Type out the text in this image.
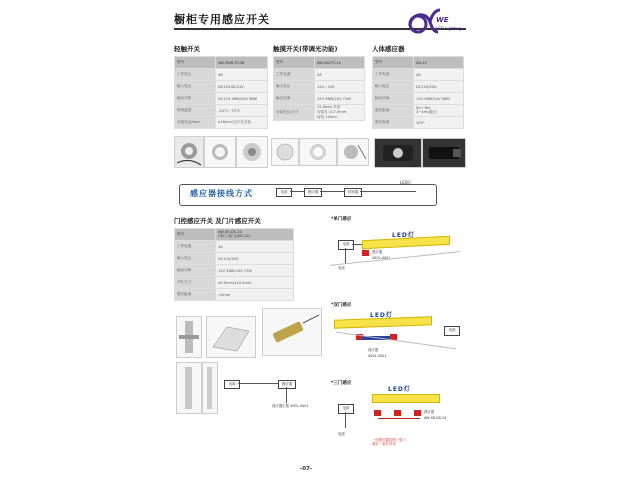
橱柜专用感应开关	WE
LED Lighting
轻触开关
型号	AW-SWR-T0-38
工作电压	4A
输入电压	DC12V/DC24V
输出功率	DC12V 48W/24V 96W
使用温度	-20°C~75°C
安装孔径/mm	¢16mm/无开孔安装
触摸开关(带调光功能)
型号	AW-SW-T2-12
工作电流	3A
输入电压	12V / 24V
输出功率	12V 36W/24V 72W
安装孔径/尺寸	12.5mm 外径
安装孔 ¢17.5mm
接线 10mm
人体感应器
型号	SN-12
工作电流	4A
输入电压	DC12V/24V
输出功率	12V 48W/24V 96W
感应距离	5m~8m
3~4m(通过)
感应角度	100°
感应器接线方式	电源	感应器	控制器
LED灯
门控感应开关 及门片感应开关
型号	AW-SR-DS-24
(单门 双门)(DS-12)
工作电流	3A
输入电压	DC12V/24V
输出功率	12V 36W/24V 72W
开孔尺寸	¢9.5mm/¢10.5mm
感应距离	<5mm
电源	感应器
感应器位置 4001-0401
*单门感应
电源
LED灯
感应器
4001-0001
电源
*双门感应
LED灯
电源
感应器
4001-0001
*三门感应
LED灯
电源
感应器
AW-SR-DS-24
电源
一组感应器控制三组门
感应一条灯带亮
-07-
